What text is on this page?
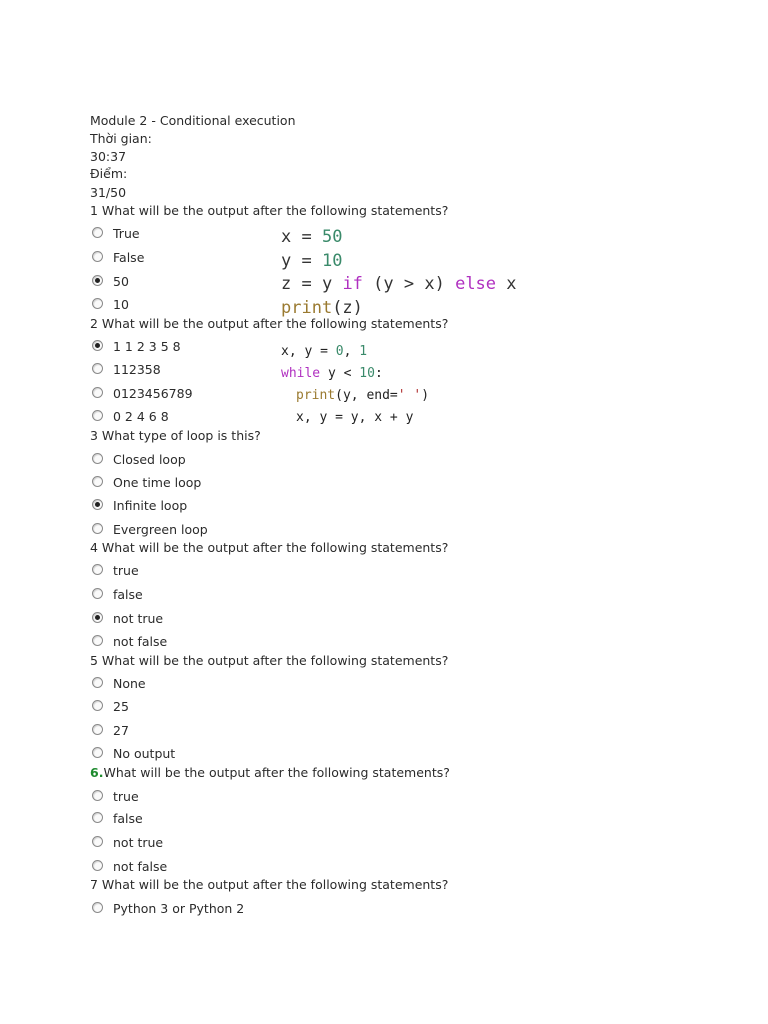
Module 2 - Conditional execution
Thời gian:
30:37
Điểm:
31/50
1 What will be the output after the following statements?
True
False
50
10
x = 50
y = 10
z = y if (y > x) else x
print(z)
2 What will be the output after the following statements?
1 1 2 3 5 8
112358
0123456789
0 2 4 6 8
x, y = 0, 1
while y < 10:
print(y, end=' ')
x, y = y, x + y
3 What type of loop is this?
Closed loop
One time loop
Infinite loop
Evergreen loop
4 What will be the output after the following statements?
true
false
not true
not false
5 What will be the output after the following statements?
None
25
27
No output
6.What will be the output after the following statements?
true
false
not true
not false
7 What will be the output after the following statements?
Python 3 or Python 2
